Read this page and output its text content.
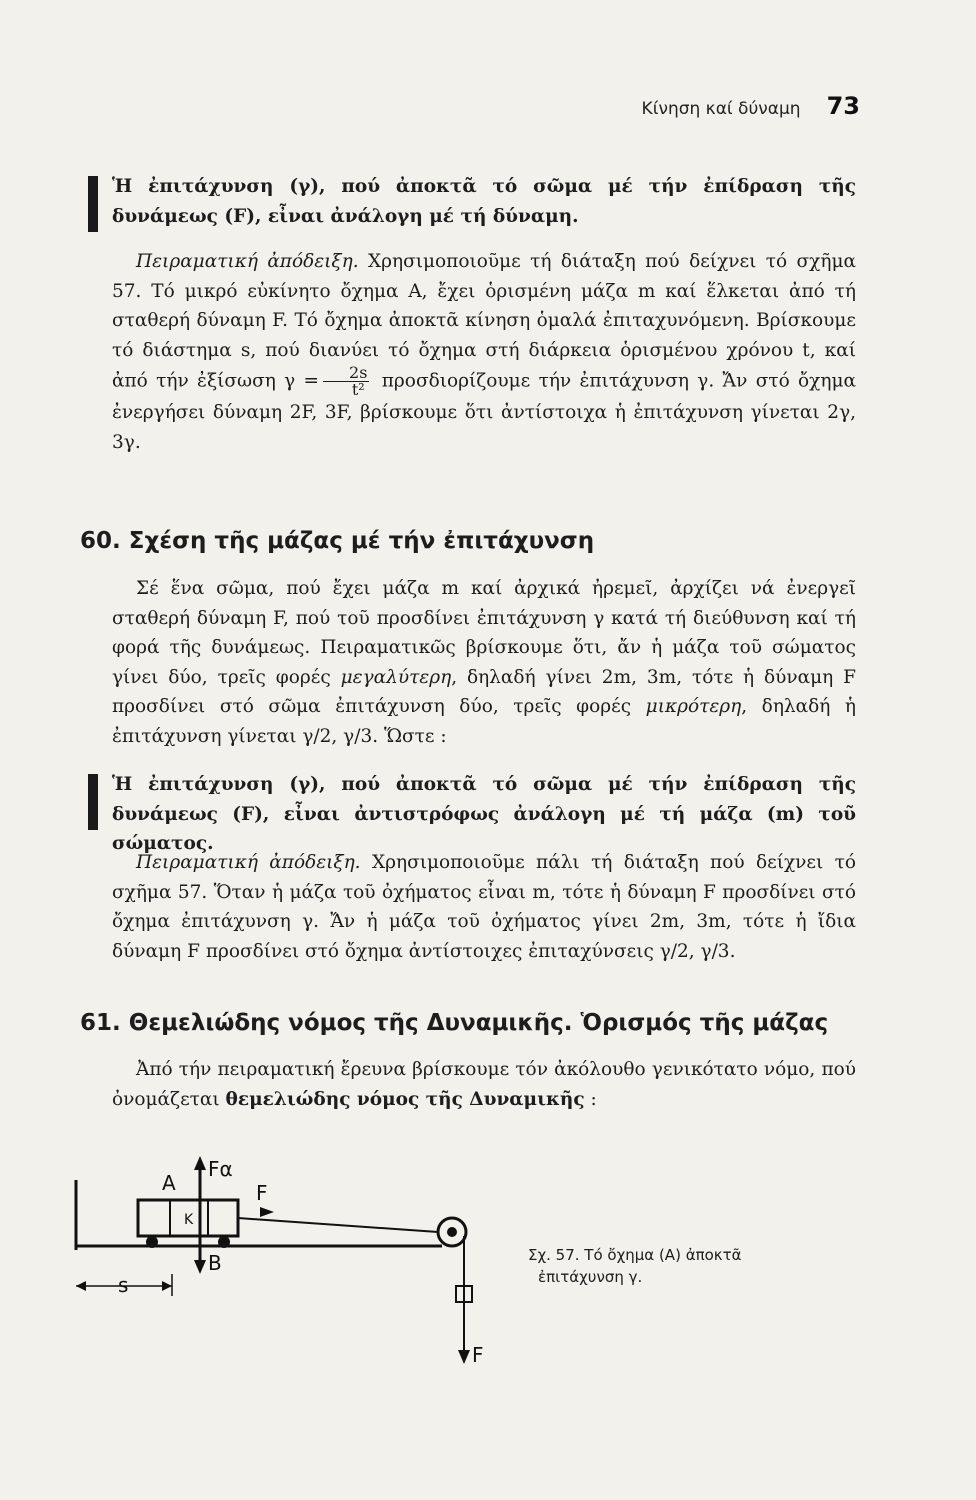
Κίνηση καί δύναμη 73

Ἡ ἐπιτάχυνση (γ), πού ἀποκτᾶ τό σῶμα μέ τήν ἐπίδραση τῆς δυνάμεως (F), εἶναι ἀνάλογη μέ τή δύναμη.

Πειραματική ἀπόδειξη. Χρησιμοποιοῦμε τή διάταξη πού δείχνει τό σχῆμα 57. Τό μικρό εὐκίνητο ὄχημα Α, ἔχει ὁρισμένη μάζα m καί ἕλκεται ἀπό τή σταθερή δύναμη F. Τό ὄχημα ἀποκτᾶ κίνηση ὁμαλά ἐπιταχυνόμενη. Βρίσκουμε τό διάστημα s, πού διανύει τό ὄχημα στή διάρκεια ὁρισμένου χρόνου t, καί ἀπό τήν ἐξίσωση $\gamma = \frac{2s}{\text{t²}}$ προσδιορίζουμε τήν ἐπιτάχυνση γ. Ἄν στό ὄχημα ἐνεργήσει δύναμη 2F, 3F, βρίσκουμε ὅτι ἀντίστοιχα ἡ ἐπιτάχυνση γίνεται 2γ, 3γ.

60. Σχέση τῆς μάζας μέ τήν ἐπιτάχυνση

Σέ ἕνα σῶμα, πού ἔχει μάζα m καί ἀρχικά ἠρεμεῖ, ἀρχίζει νά ἐνεργεῖ σταθερή δύναμη F, πού τοῦ προσδίνει ἐπιτάχυνση γ κατά τή διεύθυνση καί τή φορά τῆς δυνάμεως. Πειραματικῶς βρίσκουμε ὅτι, ἄν ἡ μάζα τοῦ σώματος γίνει δύο, τρεῖς φορές μεγαλύτερη, δηλαδή γίνει 2m, 3m, τότε ἡ δύναμη F προσδίνει στό σῶμα ἐπιτάχυνση δύο, τρεῖς φορές μικρότερη, δηλαδή ἡ ἐπιτάχυνση γίνεται γ/2, γ/3. Ὥστε :

Ἡ ἐπιτάχυνση (γ), πού ἀποκτᾶ τό σῶμα μέ τήν ἐπίδραση τῆς δυνάμεως (F), εἶναι ἀντιστρόφως ἀνάλογη μέ τή μάζα (m) τοῦ σώματος.

Πειραματική ἀπόδειξη. Χρησιμοποιοῦμε πάλι τή διάταξη πού δείχνει τό σχῆμα 57. Ὅταν ἡ μάζα τοῦ ὀχήματος εἶναι m, τότε ἡ δύναμη F προσδίνει στό ὄχημα ἐπιτάχυνση γ. Ἄν ἡ μάζα τοῦ ὀχήματος γίνει 2m, 3m, τότε ἡ ἴδια δύναμη F προσδίνει στό ὄχημα ἀντίστοιχες ἐπιταχύνσεις γ/2, γ/3.

61. Θεμελιώδης νόμος τῆς Δυναμικῆς. Ὁρισμός τῆς μάζας

Ἀπό τήν πειραματική ἔρευνα βρίσκουμε τόν ἀκόλουθο γενικότατο νόμο, πού ὀνομάζεται θεμελιώδης νόμος τῆς Δυναμικῆς :

A
Fα
F
K
B
s
F
Σχ. 57. Τό ὄχημα (Α) ἀποκτᾶ
ἐπιτάχυνση γ.
